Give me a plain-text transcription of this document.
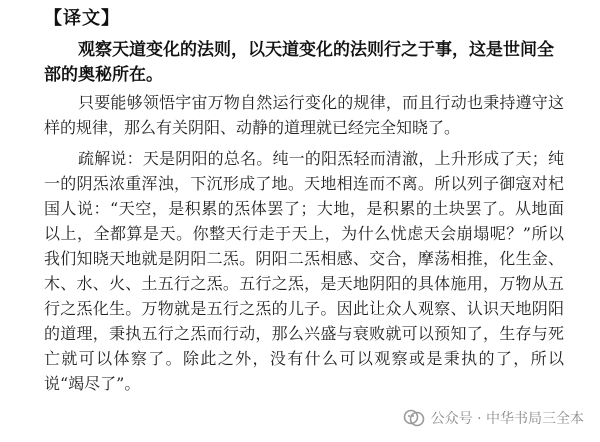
【译文】
观察天道变化的法则，以天道变化的法则行之于事，这是世间全部的奥秘所在。
只要能够领悟宇宙万物自然运行变化的规律，而且行动也秉持遵守这样的规律，那么有关阴阳、动静的道理就已经完全知晓了。
疏解说：天是阴阳的总名。纯一的阳炁轻而清澈，上升形成了天；纯一的阴炁浓重浑浊，下沉形成了地。天地相连而不离。所以列子御寇对杞国人说：“天空，是积累的炁体罢了；大地，是积累的土块罢了。从地面以上，全都算是天。你整天行走于天上，为什么忧虑天会崩塌呢？”所以我们知晓天地就是阴阳二炁。阴阳二炁相感、交合，摩荡相推，化生金、木、水、火、土五行之炁。五行之炁，是天地阴阳的具体施用，万物从五行之炁化生。万物就是五行之炁的儿子。因此让众人观察、认识天地阴阳的道理，秉执五行之炁而行动，那么兴盛与衰败就可以预知了，生存与死亡就可以体察了。除此之外，没有什么可以观察或是秉执的了，所以说“竭尽了”。
公众号 · 中华书局三全本
